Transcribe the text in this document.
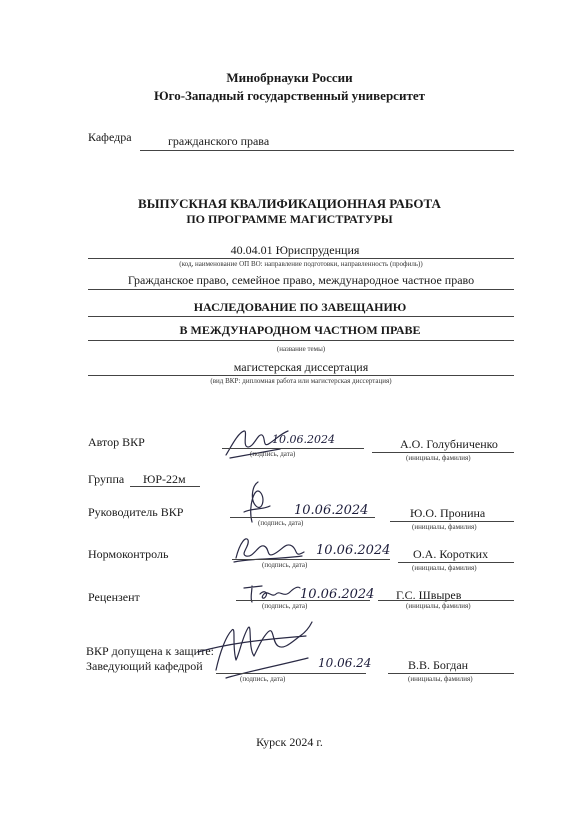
Минобрнауки России
Юго-Западный государственный университет
Кафедра	гражданского права
ВЫПУСКНАЯ КВАЛИФИКАЦИОННАЯ РАБОТА
ПО ПРОГРАММЕ МАГИСТРАТУРЫ
40.04.01 Юриспруденция
(код, наименование ОП ВО: направление подготовки, направленность (профиль))
Гражданское право, семейное право, международное частное право
НАСЛЕДОВАНИЕ ПО ЗАВЕЩАНИЮ
В МЕЖДУНАРОДНОМ ЧАСТНОМ ПРАВЕ
(название темы)
магистерская диссертация
(вид ВКР: дипломная работа или магистерская диссертация)
Автор ВКР	10.06.2024
(подпись, дата)
А.О. Голубниченко
(инициалы, фамилия)
Группа ЮР-22м
Руководитель ВКР	10.06.2024
(подпись, дата)
Ю.О. Пронина
(инициалы, фамилия)
Нормоконтроль	10.06.2024
(подпись, дата)
О.А. Коротких
(инициалы, фамилия)
Рецензент	10.06.2024
(подпись, дата)
Г.С. Швырев
(инициалы, фамилия)
ВКР допущена к защите:
Заведующий кафедрой	10.06.24
(подпись, дата)
В.В. Богдан
(инициалы, фамилия)
Курск 2024 г.
